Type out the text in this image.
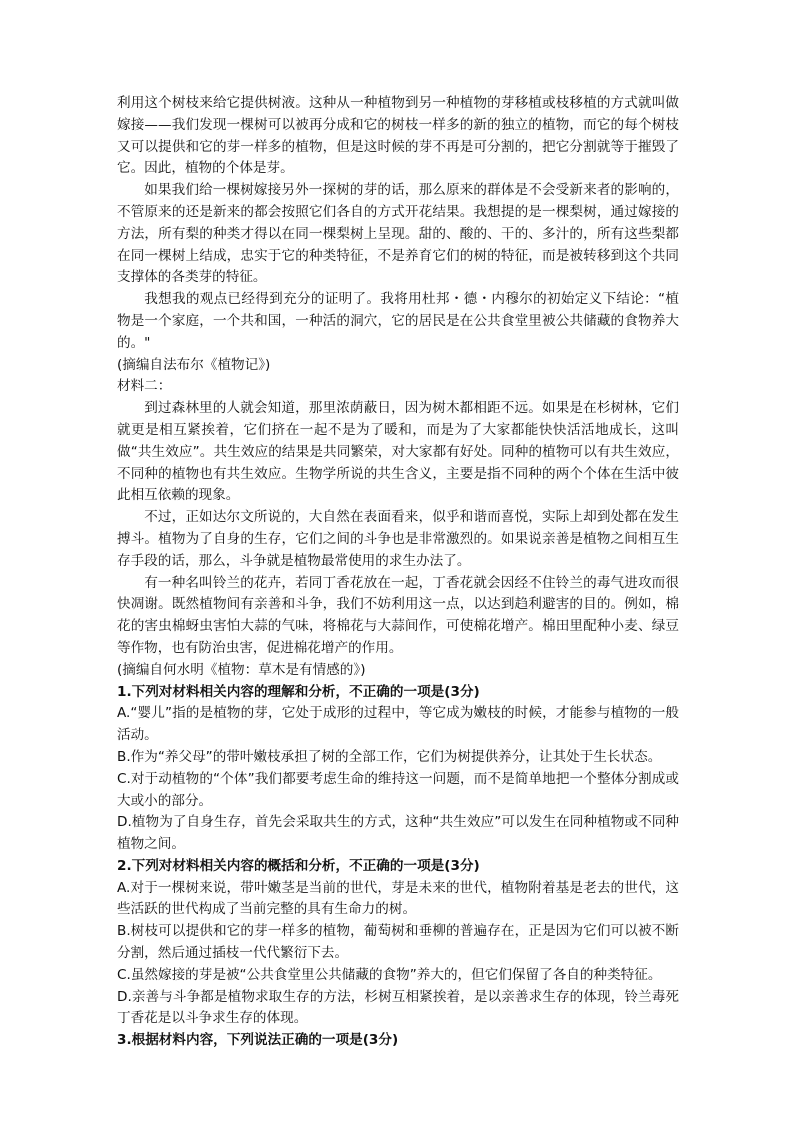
利用这个树枝来给它提供树液。这种从一种植物到另一种植物的芽移植或枝移植的方式就叫做嫁接——我们发现一棵树可以被再分成和它的树枝一样多的新的独立的植物，而它的每个树枝又可以提供和它的芽一样多的植物，但是这时候的芽不再是可分割的，把它分割就等于摧毁了它。因此，植物的个体是芽。

如果我们给一棵树嫁接另外一探树的芽的话，那么原来的群体是不会受新来者的影响的，不管原来的还是新来的都会按照它们各自的方式开花结果。我想提的是一棵梨树，通过嫁接的方法，所有梨的种类才得以在同一棵梨树上呈现。甜的、酸的、干的、多汁的，所有这些梨都在同一棵树上结成，忠实于它的种类特征，不是养育它们的树的特征，而是被转移到这个共同支撑体的各类芽的特征。

我想我的观点已经得到充分的证明了。我将用杜邦・德・内穆尔的初始定义下结论：“植物是一个家庭，一个共和国，一种活的洞穴，它的居民是在公共食堂里被公共储藏的食物养大的。"

(摘编自法布尔《植物记》)

材料二：

到过森林里的人就会知道，那里浓荫蔽日，因为树木都相距不远。如果是在杉树林，它们就更是相互紧挨着，它们挤在一起不是为了暖和，而是为了大家都能快快活活地成长，这叫做“共生效应”。共生效应的结果是共同繁荣，对大家都有好处。同种的植物可以有共生效应，不同种的植物也有共生效应。生物学所说的共生含义，主要是指不同种的两个个体在生活中彼此相互依赖的现象。

不过，正如达尔文所说的，大自然在表面看来，似乎和谐而喜悦，实际上却到处都在发生搏斗。植物为了自身的生存，它们之间的斗争也是非常激烈的。如果说亲善是植物之间相互生存手段的话，那么，斗争就是植物最常使用的求生办法了。

有一种名叫铃兰的花卉，若同丁香花放在一起，丁香花就会因经不住铃兰的毒气进攻而很快凋谢。既然植物间有亲善和斗争，我们不妨利用这一点，以达到趋利避害的目的。例如，棉花的害虫棉蚜虫害怕大蒜的气味，将棉花与大蒜间作，可使棉花增产。棉田里配种小麦、绿豆等作物，也有防治虫害，促进棉花增产的作用。

(摘编自何水明《植物：草木是有情感的》)

1.下列对材料相关内容的理解和分析，不正确的一项是(3分)

A.“婴儿”指的是植物的芽，它处于成形的过程中，等它成为嫩枝的时候，才能参与植物的一般活动。

B.作为“养父母”的带叶嫩枝承担了树的全部工作，它们为树提供养分，让其处于生长状态。

C.对于动植物的“个体”我们都要考虑生命的维持这一问题，而不是简单地把一个整体分割成或大或小的部分。

D.植物为了自身生存，首先会采取共生的方式，这种“共生效应”可以发生在同种植物或不同种植物之间。

2.下列对材料相关内容的概括和分析，不正确的一项是(3分)

A.对于一棵树来说，带叶嫩茎是当前的世代，芽是未来的世代，植物附着基是老去的世代，这些活跃的世代构成了当前完整的具有生命力的树。

B.树枝可以提供和它的芽一样多的植物，葡萄树和垂柳的普遍存在，正是因为它们可以被不断分割，然后通过插枝一代代繁衍下去。

C.虽然嫁接的芽是被“公共食堂里公共储藏的食物”养大的，但它们保留了各自的种类特征。

D.亲善与斗争都是植物求取生存的方法，杉树互相紧挨着，是以亲善求生存的体现，铃兰毒死丁香花是以斗争求生存的体现。

3.根据材料内容，下列说法正确的一项是(3分)
